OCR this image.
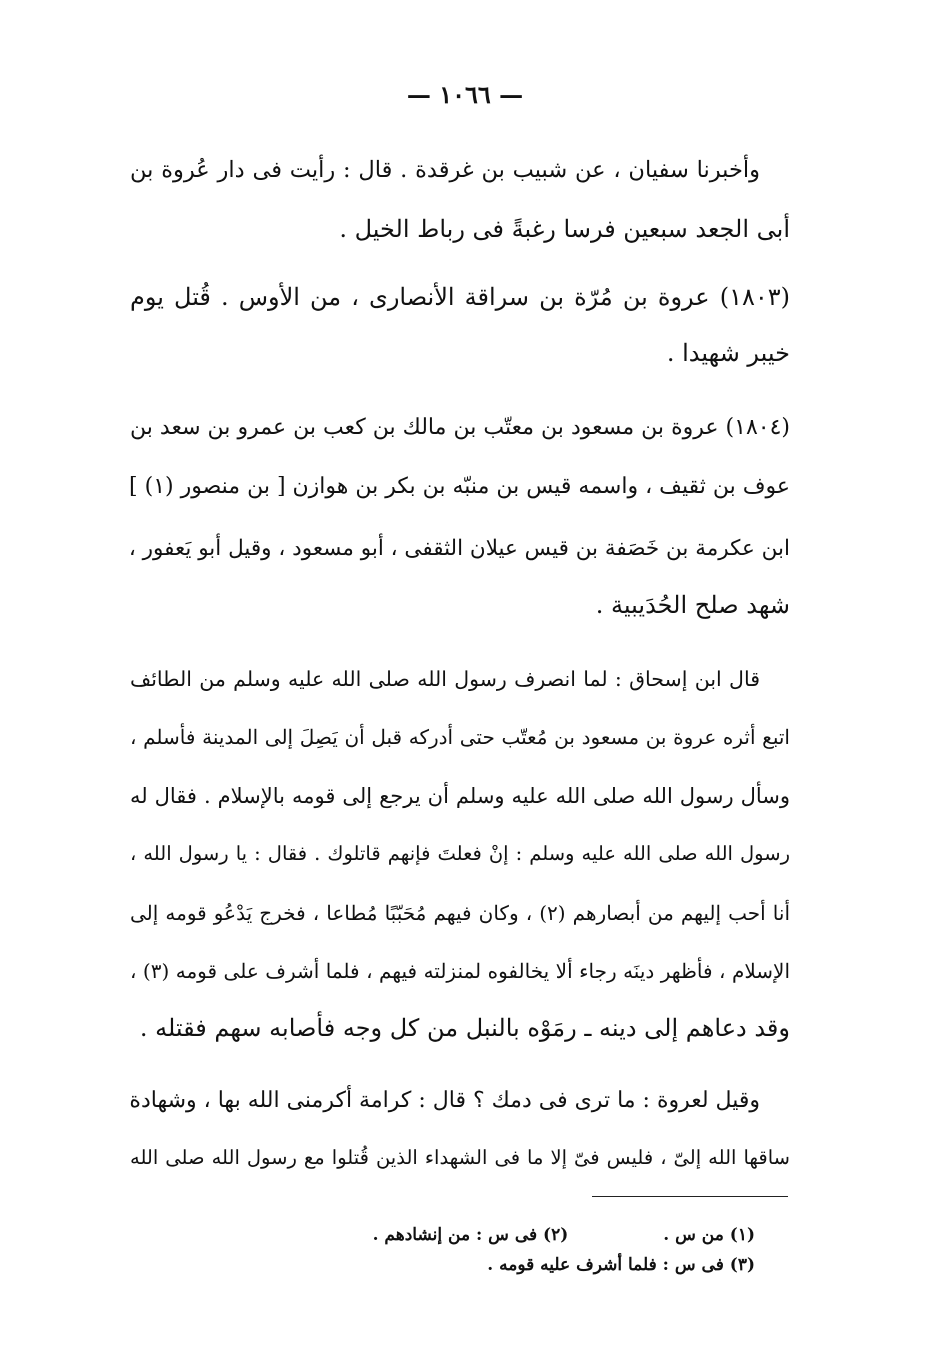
— ١٠٦٦ —
وأخبرنا سفيان ، عن شبيب بن غرقدة . قال : رأيت فى دار عُروة بن
أبى الجعد سبعين فرسا رغبةً فى رباط الخيل .
(١٨٠٣) عروة بن مُرّة بن سراقة الأنصارى ، من الأوس . قُتل يوم
خيبر شهيدا .
(١٨٠٤) عروة بن مسعود بن معتّب بن مالك بن كعب بن عمرو بن سعد بن
عوف بن ثقيف ، واسمه قيس بن منبّه بن بكر بن هوازن [ بن منصور (١) ]
ابن عكرمة بن خَصَفة بن قيس عيلان الثقفى ، أبو مسعود ، وقيل أبو يَعفور ،
شهد صلح الحُدَيبية .
قال ابن إسحاق : لما انصرف رسول الله صلى الله عليه وسلم من الطائف
اتبع أثره عروة بن مسعود بن مُعتّب حتى أدركه قبل أن يَصِلَ إلى المدينة فأسلم ،
وسأل رسول الله صلى الله عليه وسلم أن يرجع إلى قومه بالإسلام . فقال له
رسول الله صلى الله عليه وسلم : إنْ فعلتَ فإنهم قاتلوك . فقال : يا رسول الله ،
أنا أحب إليهم من أبصارهم (٢) ، وكان فيهم مُحَبّبًا مُطاعا ، فخرج يَدْعُو قومه إلى
الإسلام ، فأظهر دينَه رجاء ألا يخالفوه لمنزلته فيهم ، فلما أشرف على قومه (٣) ،
وقد دعاهم إلى دينه ـ رمَوْه بالنبل من كل وجه فأصابه سهم فقتله .
وقيل لعروة : ما ترى فى دمك ؟ قال : كرامة أكرمنى الله بها ، وشهادة
ساقها الله إلىّ ، فليس فىّ إلا ما فى الشهداء الذين قُتلوا مع رسول الله صلى الله
(١) من س .(٢) فى س : من إنشادهم .
(٣) فى س : فلما أشرف عليه قومه .
